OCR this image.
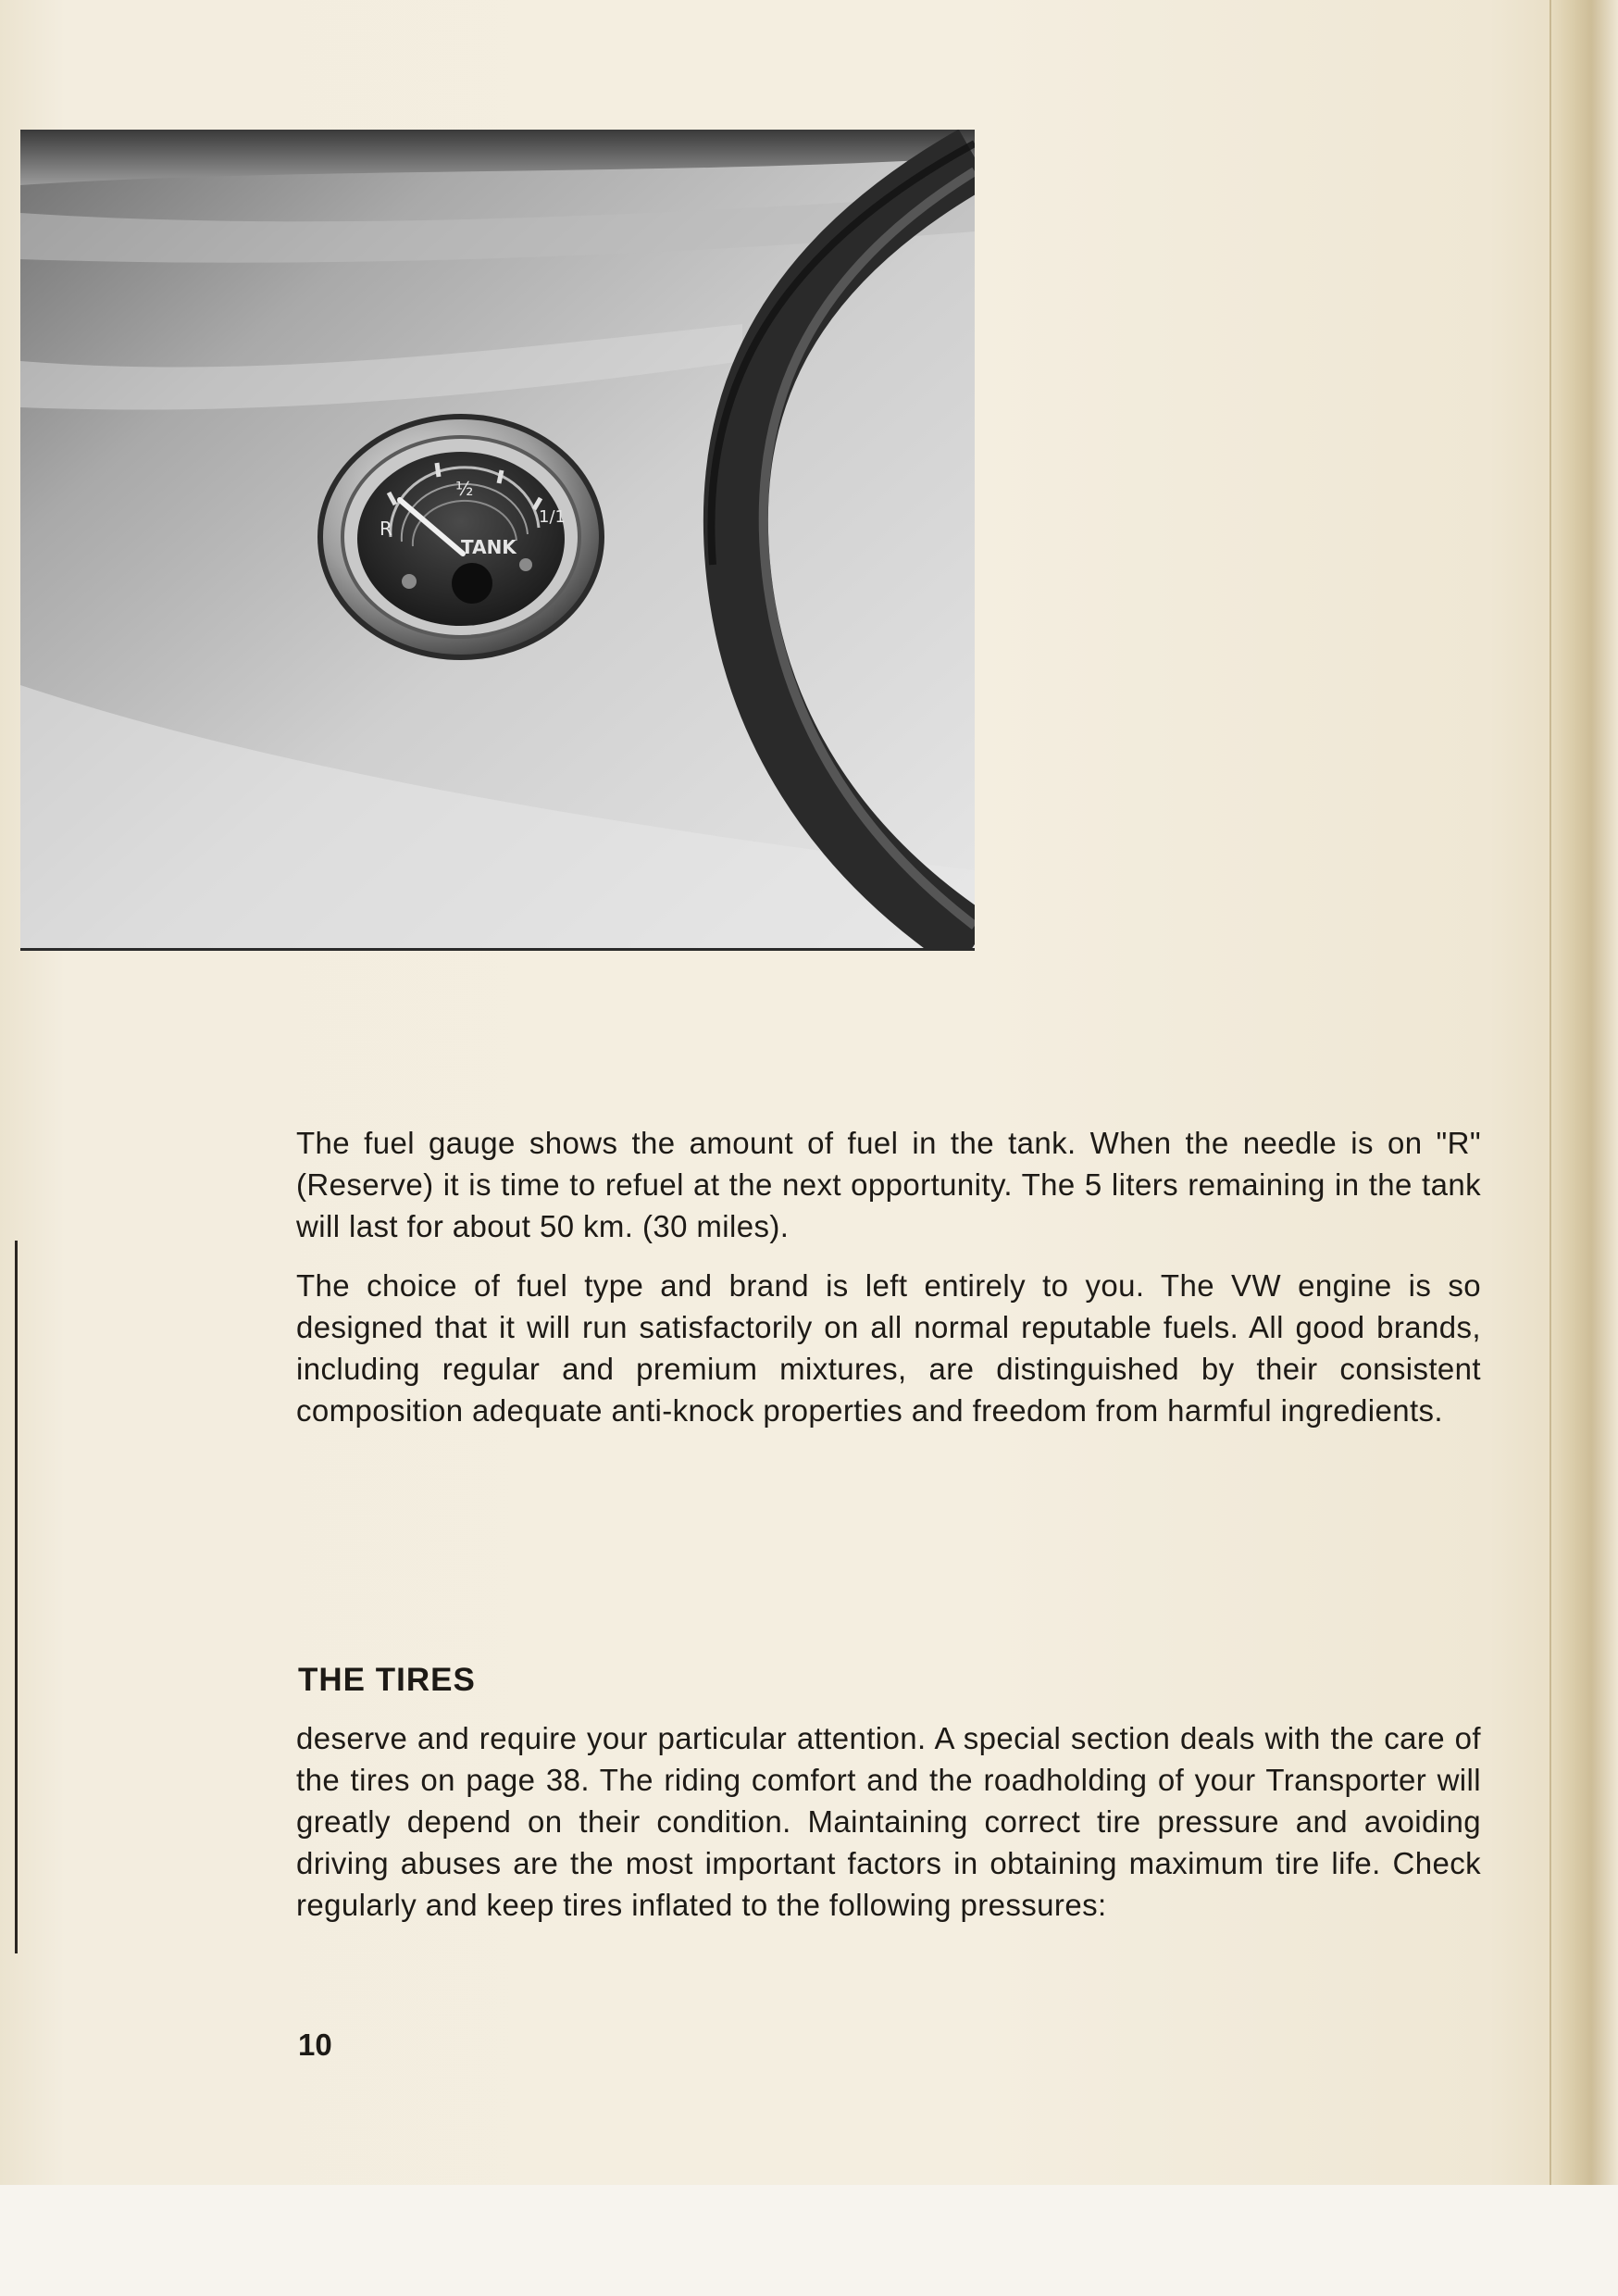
R
½
1/1
TANK

The fuel gauge shows the amount of fuel in the tank. When the needle is on "R" (Reserve) it is time to refuel at the next opportunity. The 5 liters remaining in the tank will last for about 50 km. (30 miles).

The choice of fuel type and brand is left entirely to you. The VW engine is so designed that it will run satisfactorily on all normal reputable fuels. All good brands, including regular and premium mixtures, are distinguished by their consistent composition adequate anti-knock properties and freedom from harmful ingredients.

THE TIRES

deserve and require your particular attention. A special section deals with the care of the tires on page 38. The riding comfort and the roadholding of your Transporter will greatly depend on their condition. Maintaining correct tire pressure and avoiding driving abuses are the most important factors in obtaining maximum tire life. Check regularly and keep tires inflated to the following pressures:

10
